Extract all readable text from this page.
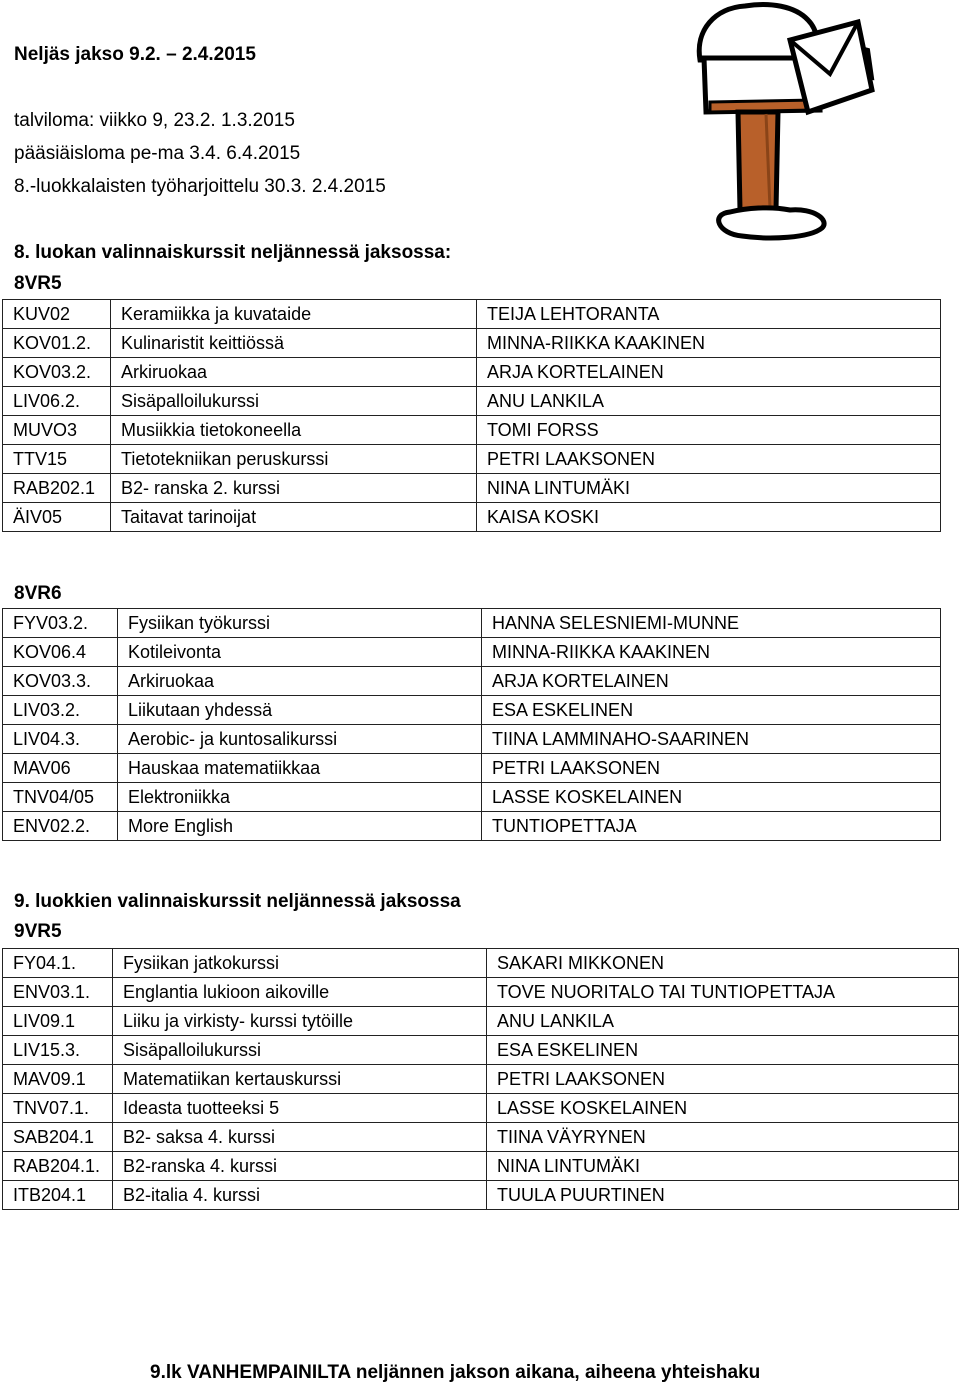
Neljäs jakso 9.2. – 2.4.2015
talviloma: viikko 9, 23.2. 1.3.2015
pääsiäisloma pe-ma 3.4. 6.4.2015
8.-luokkalaisten työharjoittelu 30.3. 2.4.2015
8. luokan valinnaiskurssit neljännessä jaksossa:
8VR5
KUV02	Keramiikka ja kuvataide	TEIJA LEHTORANTA
KOV01.2.	Kulinaristit keittiössä	MINNA-RIIKKA KAAKINEN
KOV03.2.	Arkiruokaa	ARJA KORTELAINEN
LIV06.2.	Sisäpalloilukurssi	ANU LANKILA
MUVO3	Musiikkia tietokoneella	TOMI FORSS
TTV15	Tietotekniikan peruskurssi	PETRI LAAKSONEN
RAB202.1	B2- ranska 2. kurssi	NINA LINTUMÄKI
ÄIV05	Taitavat tarinoijat	KAISA KOSKI
8VR6
FYV03.2.	Fysiikan työkurssi	HANNA SELESNIEMI-MUNNE
KOV06.4	Kotileivonta	MINNA-RIIKKA KAAKINEN
KOV03.3.	Arkiruokaa	ARJA KORTELAINEN
LIV03.2.	Liikutaan yhdessä	ESA ESKELINEN
LIV04.3.	Aerobic- ja kuntosalikurssi	TIINA LAMMINAHO-SAARINEN
MAV06	Hauskaa matematiikkaa	PETRI LAAKSONEN
TNV04/05	Elektroniikka	LASSE KOSKELAINEN
ENV02.2.	More English	TUNTIOPETTAJA
9. luokkien valinnaiskurssit neljännessä jaksossa
9VR5
FY04.1.	Fysiikan jatkokurssi	SAKARI MIKKONEN
ENV03.1.	Englantia lukioon aikoville	TOVE NUORITALO TAI TUNTIOPETTAJA
LIV09.1	Liiku ja virkisty- kurssi tytöille	ANU LANKILA
LIV15.3.	Sisäpalloilukurssi	ESA ESKELINEN
MAV09.1	Matematiikan kertauskurssi	PETRI LAAKSONEN
TNV07.1.	Ideasta tuotteeksi 5	LASSE KOSKELAINEN
SAB204.1	B2- saksa 4. kurssi	TIINA VÄYRYNEN
RAB204.1.	B2-ranska 4. kurssi	NINA LINTUMÄKI
ITB204.1	B2-italia 4. kurssi	TUULA PUURTINEN
9.lk VANHEMPAINILTA neljännen jakson aikana, aiheena yhteishaku
